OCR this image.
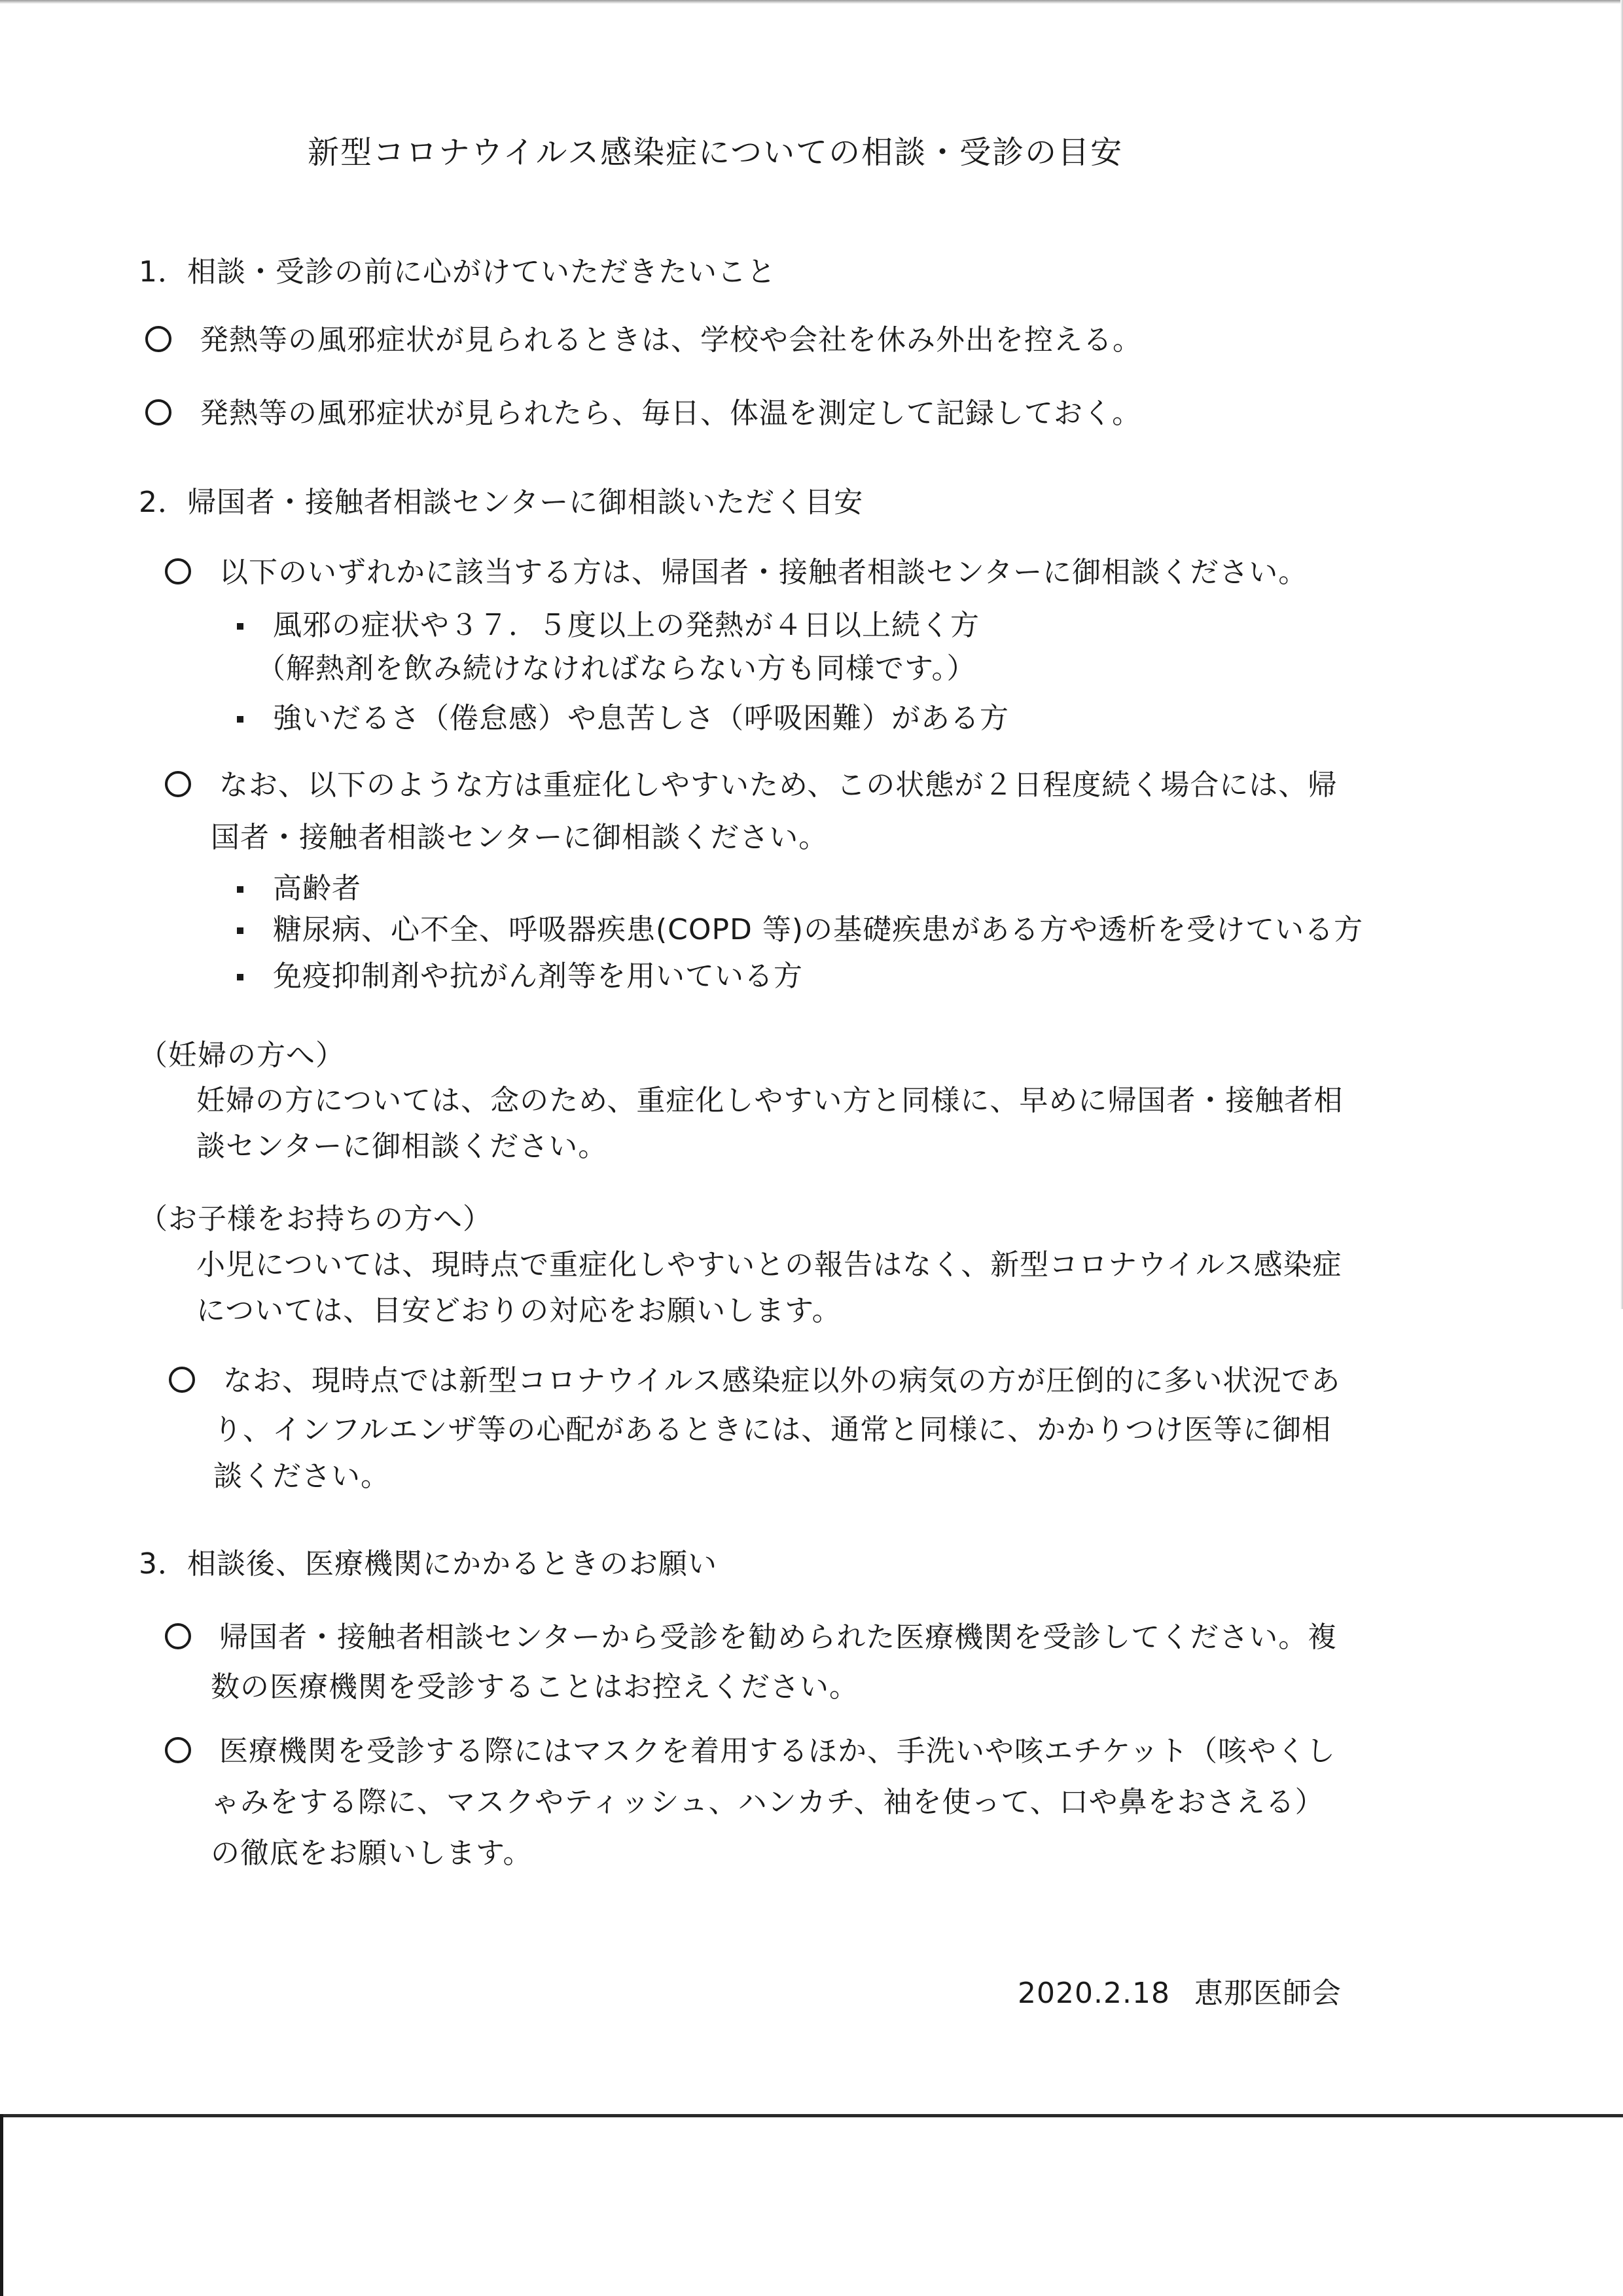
新型コロナウイルス感染症についての相談・受診の目安
1．相談・受診の前に心がけていただきたいこと
発熱等の風邪症状が見られるときは、学校や会社を休み外出を控える。
発熱等の風邪症状が見られたら、毎日、体温を測定して記録しておく。
2．帰国者・接触者相談センターに御相談いただく目安
以下のいずれかに該当する方は、帰国者・接触者相談センターに御相談ください。
風邪の症状や３７．５度以上の発熱が４日以上続く方
（解熱剤を飲み続けなければならない方も同様です。）
強いだるさ（倦怠感）や息苦しさ（呼吸困難）がある方
なお、以下のような方は重症化しやすいため、この状態が２日程度続く場合には、帰
国者・接触者相談センターに御相談ください。
高齢者
糖尿病、心不全、呼吸器疾患(COPD 等)の基礎疾患がある方や透析を受けている方
免疫抑制剤や抗がん剤等を用いている方
（妊婦の方へ）
妊婦の方については、念のため、重症化しやすい方と同様に、早めに帰国者・接触者相
談センターに御相談ください。
（お子様をお持ちの方へ）
小児については、現時点で重症化しやすいとの報告はなく、新型コロナウイルス感染症
については、目安どおりの対応をお願いします。
なお、現時点では新型コロナウイルス感染症以外の病気の方が圧倒的に多い状況であ
り、インフルエンザ等の心配があるときには、通常と同様に、かかりつけ医等に御相
談ください。
3．相談後、医療機関にかかるときのお願い
帰国者・接触者相談センターから受診を勧められた医療機関を受診してください。複
数の医療機関を受診することはお控えください。
医療機関を受診する際にはマスクを着用するほか、手洗いや咳エチケット（咳やくし
ゃみをする際に、マスクやティッシュ、ハンカチ、袖を使って、口や鼻をおさえる）
の徹底をお願いします。
2020.2.18 恵那医師会
